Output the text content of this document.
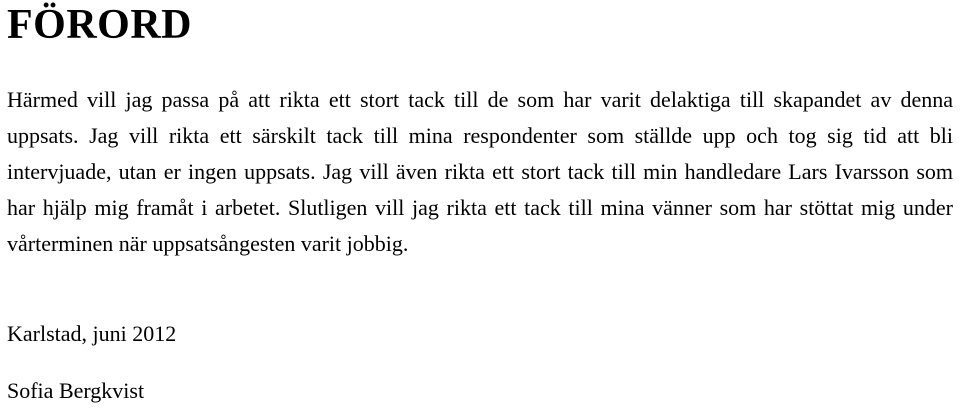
FÖRORD

Härmed vill jag passa på att rikta ett stort tack till de som har varit delaktiga till skapandet av denna uppsats. Jag vill rikta ett särskilt tack till mina respondenter som ställde upp och tog sig tid att bli intervjuade, utan er ingen uppsats. Jag vill även rikta ett stort tack till min handledare Lars Ivarsson som har hjälp mig framåt i arbetet. Slutligen vill jag rikta ett tack till mina vänner som har stöttat mig under vårterminen när uppsatsångesten varit jobbig.

Karlstad, juni 2012

Sofia Bergkvist
